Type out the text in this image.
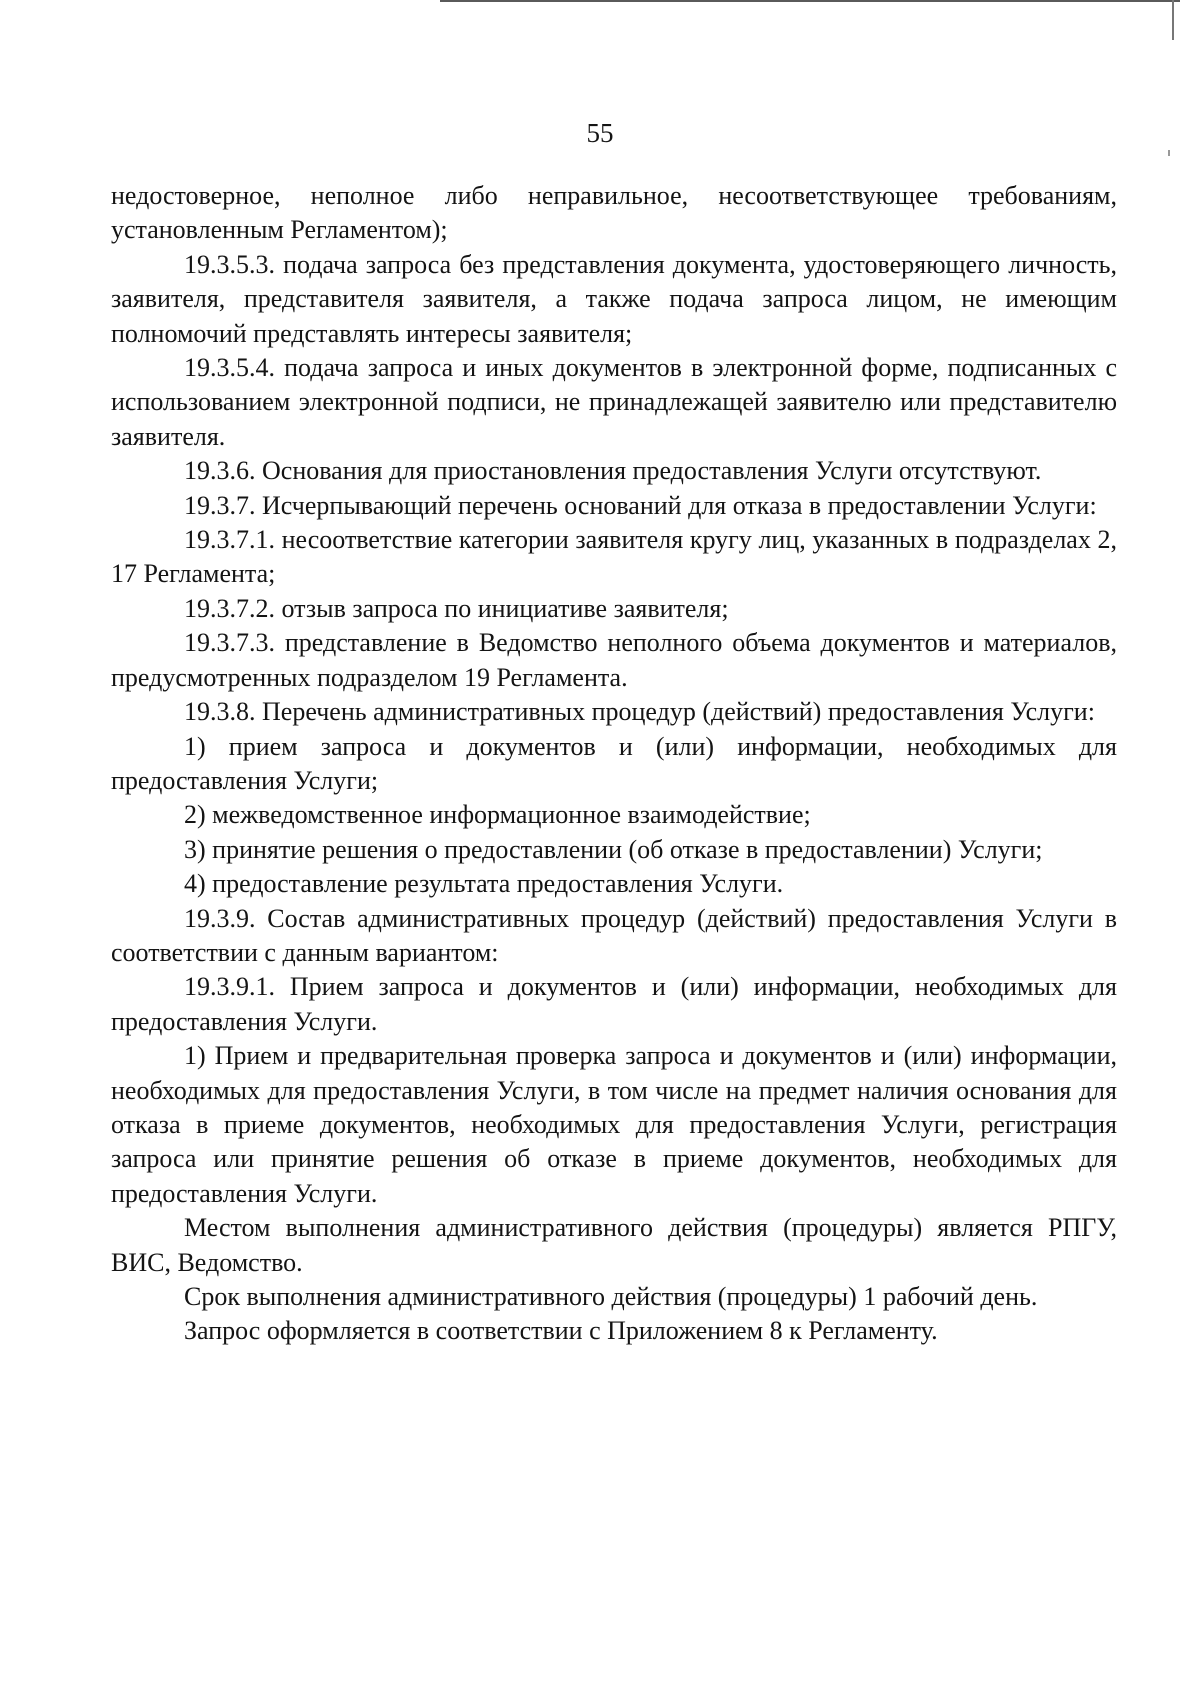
55

недостоверное, неполное либо неправильное, несоответствующее требованиям, установленным Регламентом);

19.3.5.3. подача запроса без представления документа, удостоверяющего личность, заявителя, представителя заявителя, а также подача запроса лицом, не имеющим полномочий представлять интересы заявителя;

19.3.5.4. подача запроса и иных документов в электронной форме, подписанных с использованием электронной подписи, не принадлежащей заявителю или представителю заявителя.

19.3.6. Основания для приостановления предоставления Услуги отсутствуют.

19.3.7. Исчерпывающий перечень оснований для отказа в предоставлении Услуги:

19.3.7.1. несоответствие категории заявителя кругу лиц, указанных в подразделах 2, 17 Регламента;

19.3.7.2. отзыв запроса по инициативе заявителя;

19.3.7.3. представление в Ведомство неполного объема документов и материалов, предусмотренных подразделом 19 Регламента.

19.3.8. Перечень административных процедур (действий) предоставления Услуги:

1) прием запроса и документов и (или) информации, необходимых для предоставления Услуги;

2) межведомственное информационное взаимодействие;

3) принятие решения о предоставлении (об отказе в предоставлении) Услуги;

4) предоставление результата предоставления Услуги.

19.3.9. Состав административных процедур (действий) предоставления Услуги в соответствии с данным вариантом:

19.3.9.1. Прием запроса и документов и (или) информации, необходимых для предоставления Услуги.

1) Прием и предварительная проверка запроса и документов и (или) информации, необходимых для предоставления Услуги, в том числе на предмет наличия основания для отказа в приеме документов, необходимых для предоставления Услуги, регистрация запроса или принятие решения об отказе в приеме документов, необходимых для предоставления Услуги.

Местом выполнения административного действия (процедуры) является РПГУ, ВИС, Ведомство.

Срок выполнения административного действия (процедуры) 1 рабочий день.

Запрос оформляется в соответствии с Приложением 8 к Регламенту.
